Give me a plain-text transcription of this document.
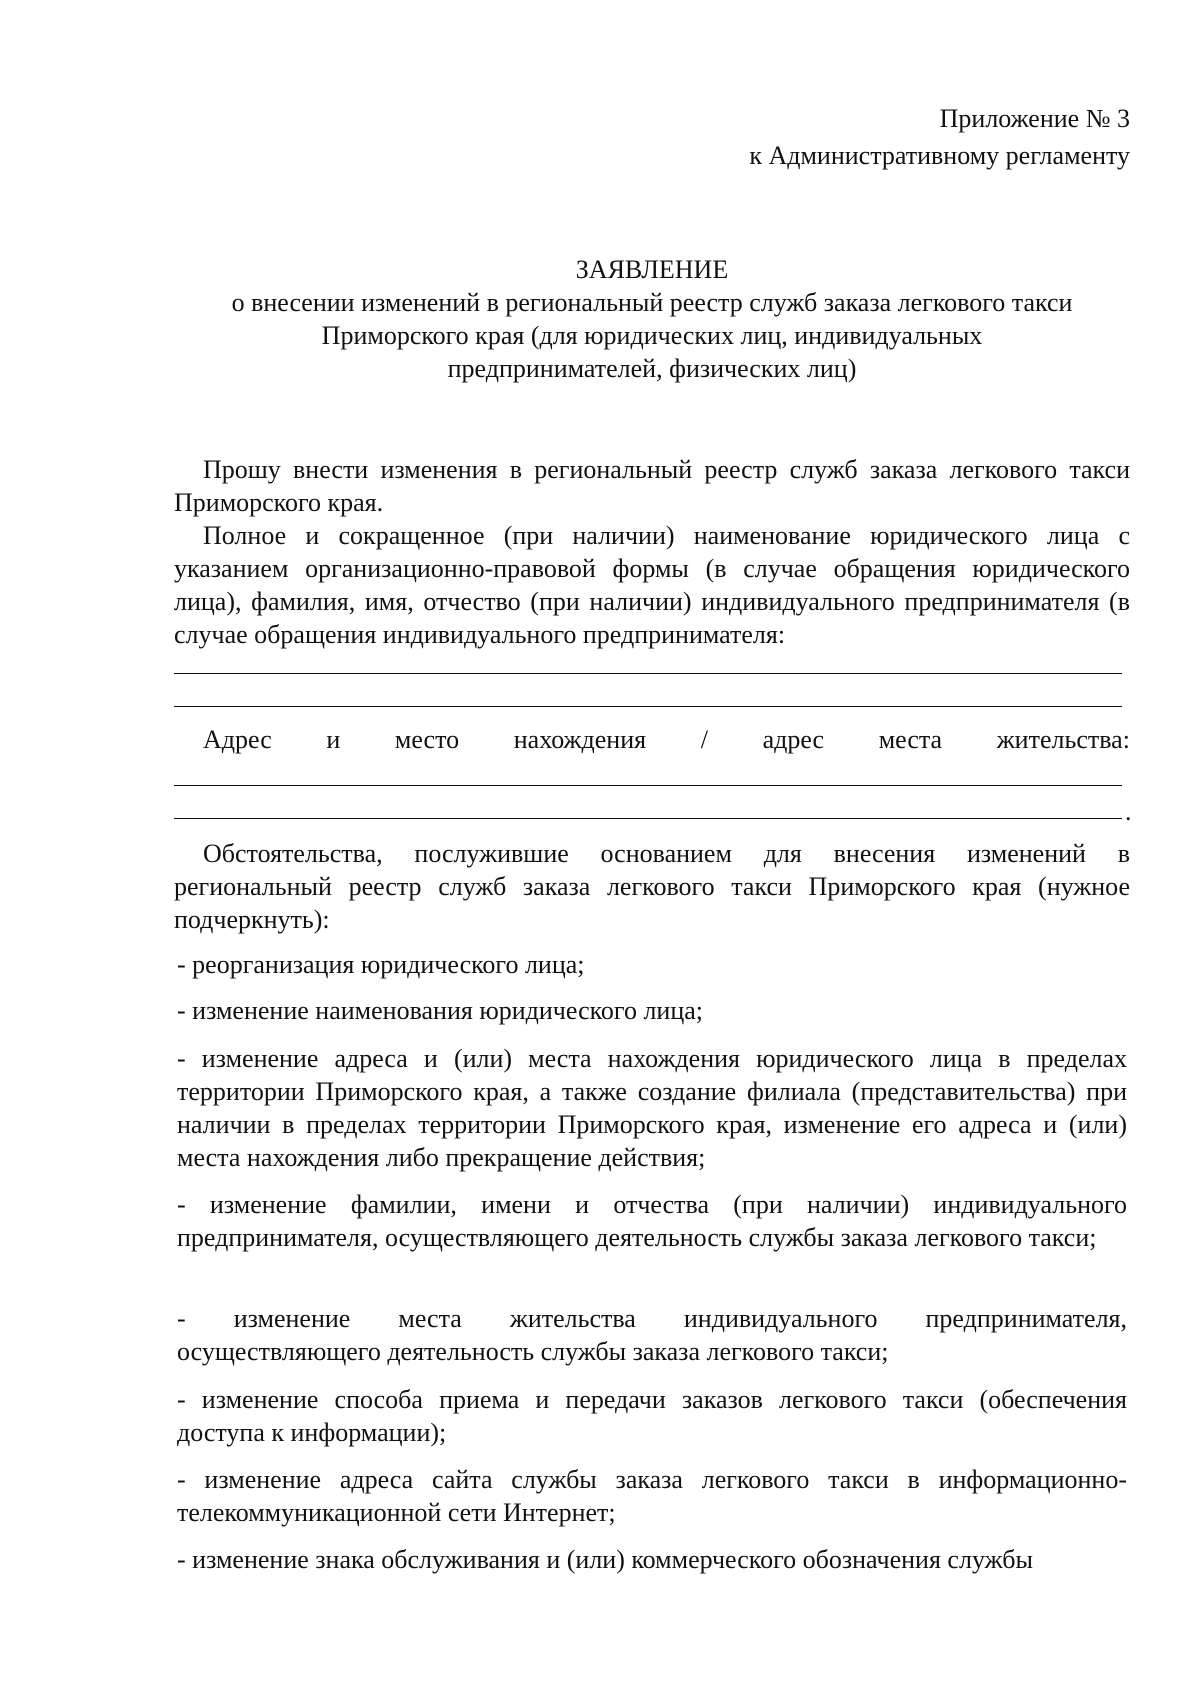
Приложение № 3
к Административному регламенту
ЗАЯВЛЕНИЕ
о внесении изменений в региональный реестр служб заказа легкового такси
Приморского края (для юридических лиц, индивидуальных
предпринимателей, физических лиц)
Прошу внести изменения в региональный реестр служб заказа легкового такси Приморского края.
Полное и сокращенное (при наличии) наименование юридического лица с указанием организационно-правовой формы (в случае обращения юридического лица), фамилия, имя, отчество (при наличии) индивидуального предпринимателя (в случае обращения индивидуального предпринимателя:
Адрес и место нахождения / адрес места жительства:
.
Обстоятельства, послужившие основанием для внесения изменений в региональный реестр служб заказа легкового такси Приморского края (нужное подчеркнуть):
- реорганизация юридического лица;
- изменение наименования юридического лица;
- изменение адреса и (или) места нахождения юридического лица в пределах территории Приморского края, а также создание филиала (представительства) при наличии в пределах территории Приморского края, изменение его адреса и (или) места нахождения либо прекращение действия;
- изменение фамилии, имени и отчества (при наличии) индивидуального предпринимателя, осуществляющего деятельность службы заказа легкового такси;
- изменение места жительства индивидуального предпринимателя, осуществляющего деятельность службы заказа легкового такси;
- изменение способа приема и передачи заказов легкового такси (обеспечения доступа к информации);
- изменение адреса сайта службы заказа легкового такси в информационно-телекоммуникационной сети Интернет;
- изменение знака обслуживания и (или) коммерческого обозначения службы
